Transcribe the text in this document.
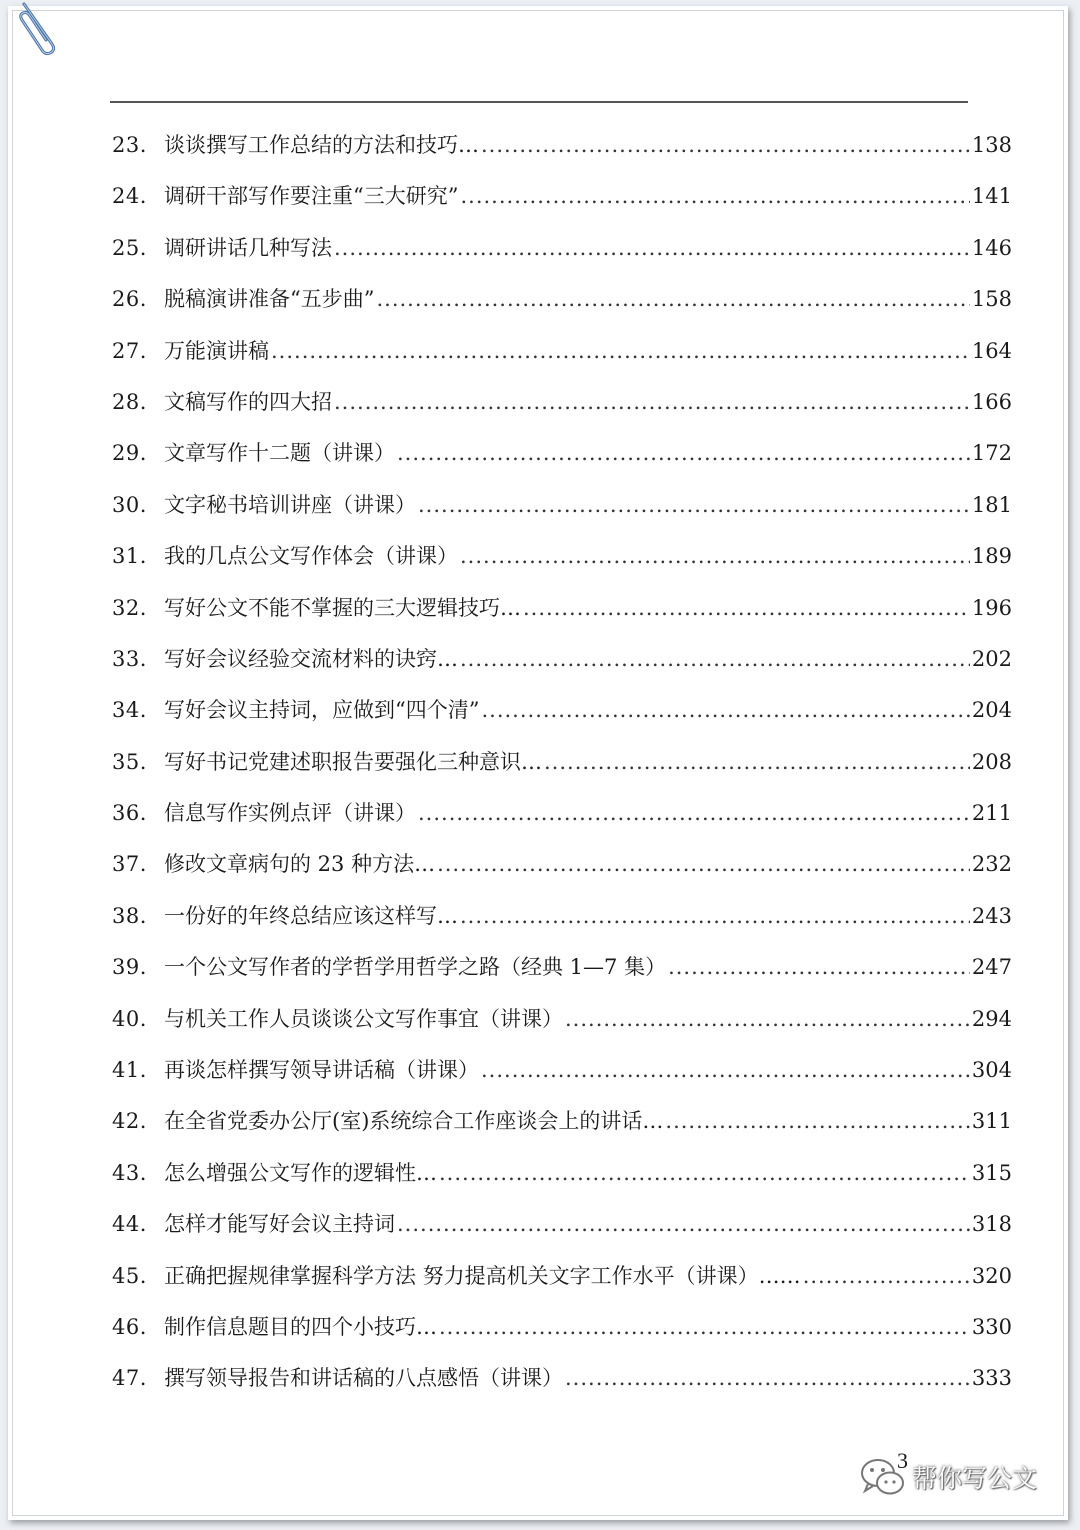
23. 谈谈撰写工作总结的方法和技巧… .....	138
24. 调研干部写作要注重“三大研究” .....	141
25. 调研讲话几种写法 .....	146
26. 脱稿演讲准备“五步曲” .....	158
27. 万能演讲稿 .....	164
28. 文稿写作的四大招 .....	166
29. 文章写作十二题（讲课） .....	172
30. 文字秘书培训讲座（讲课） .....	181
31. 我的几点公文写作体会（讲课） .....	189
32. 写好公文不能不掌握的三大逻辑技巧… .....	196
33. 写好会议经验交流材料的诀窍… .....	202
34. 写好会议主持词，应做到“四个清” .....	204
35. 写好书记党建述职报告要强化三种意识… .....	208
36. 信息写作实例点评（讲课） .....	211
37. 修改文章病句的 23 种方法… .....	232
38. 一份好的年终总结应该这样写… .....	243
39. 一个公文写作者的学哲学用哲学之路（经典 1—7 集） .....	247
40. 与机关工作人员谈谈公文写作事宜（讲课） .....	294
41. 再谈怎样撰写领导讲话稿（讲课） .....	304
42. 在全省党委办公厅(室)系统综合工作座谈会上的讲话… .....	311
43. 怎么增强公文写作的逻辑性… .....	315
44. 怎样才能写好会议主持词 .....	318
45. 正确把握规律掌握科学方法 努力提高机关文字工作水平（讲课）…… .....	320
46. 制作信息题目的四个小技巧… .....	330
47. 撰写领导报告和讲话稿的八点感悟（讲课） .....	333
3
帮你写公文
